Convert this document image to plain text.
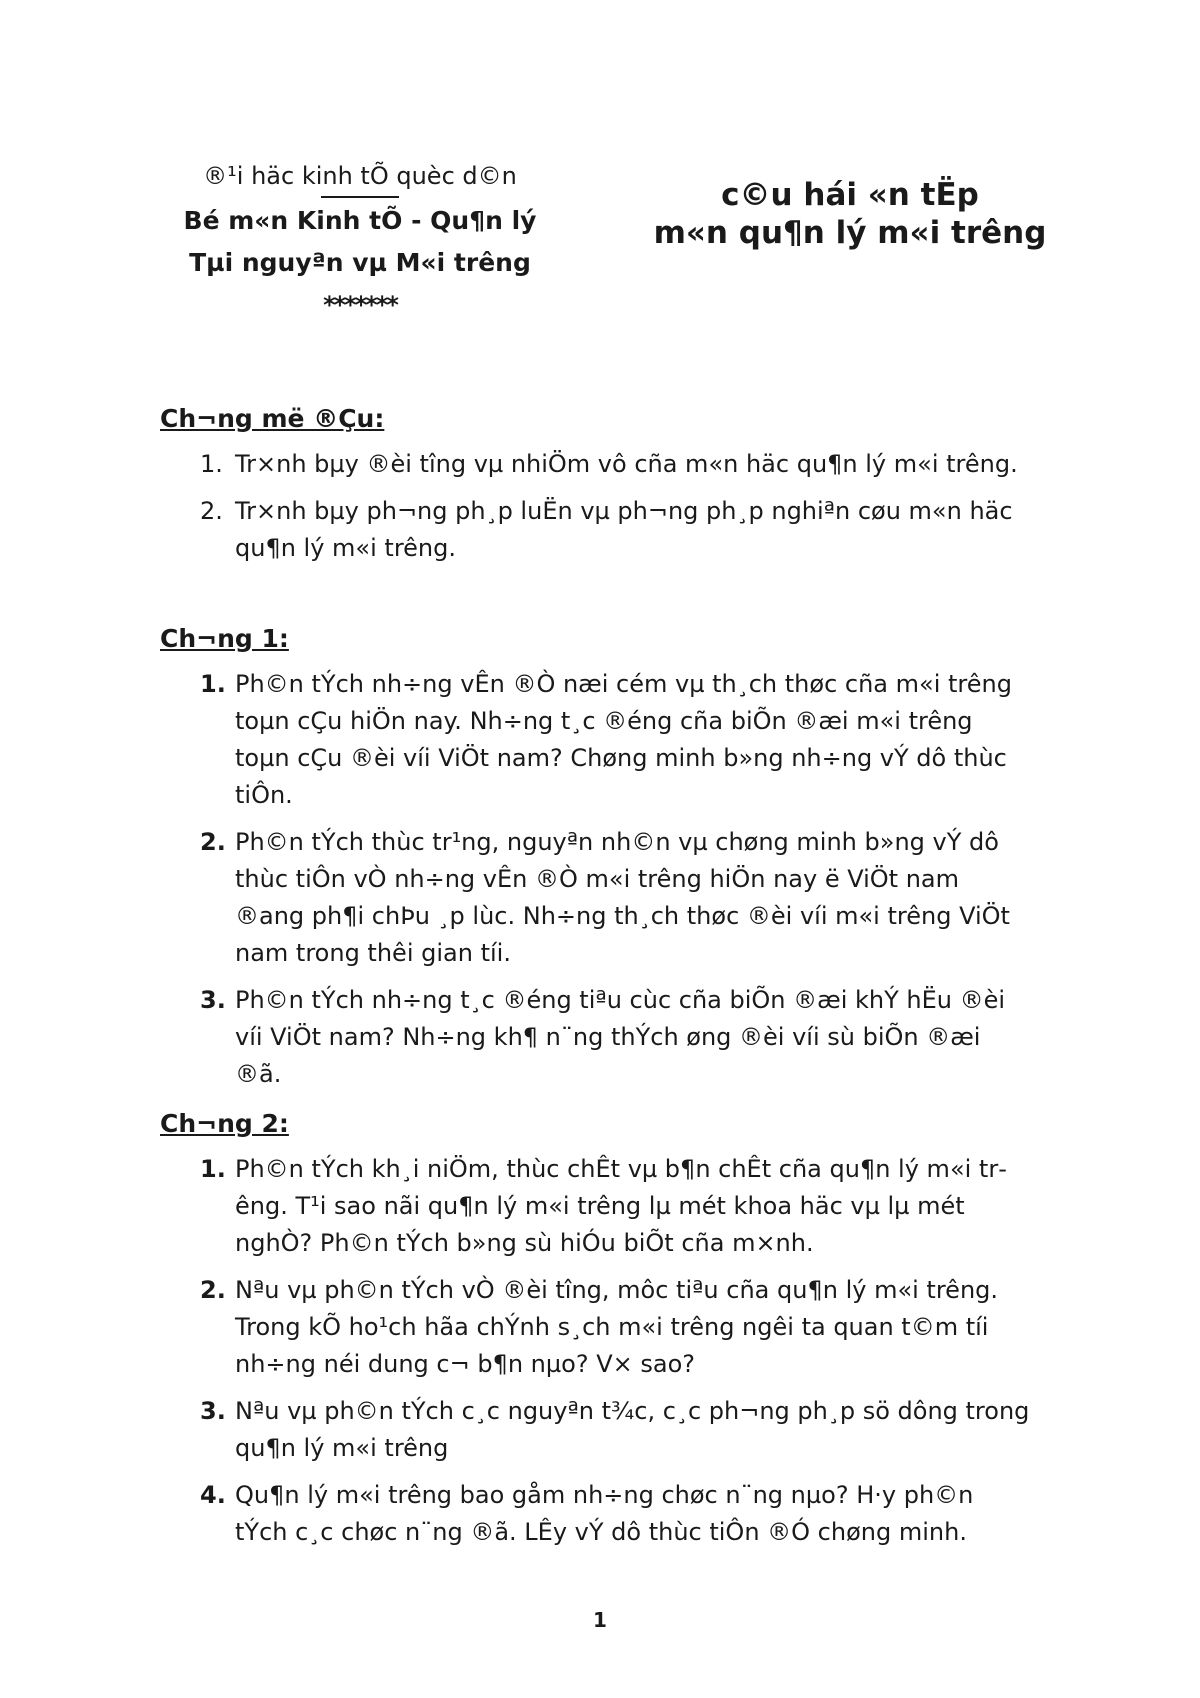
®¹i häc kinh tÕ quèc d©n

Bé m«n Kinh tÕ - Qu¶n lý

Tµi nguyªn vµ M«i trêng

*******

c©u hái «n tËp

m«n qu¶n lý m«i trêng

Ch¬ng më ®Çu:

1. Tr×nh bµy ®èi tîng vµ nhiÖm vô cña m«n häc qu¶n lý m«i trêng.
2. Tr×nh bµy ph¬ng ph¸p luËn vµ ph¬ng ph¸p nghiªn cøu m«n häc qu¶n lý m«i trêng.

Ch¬ng 1:

1. Ph©n tÝch nh÷ng vÊn ®Ò næi cém vµ th¸ch thøc cña m«i trêng toµn cÇu hiÖn nay. Nh÷ng t¸c ®éng cña biÕn ®æi m«i trêng toµn cÇu ®èi víi ViÖt nam? Chøng minh b»ng nh÷ng vÝ dô thùc tiÔn.
2. Ph©n tÝch thùc tr¹ng, nguyªn nh©n vµ chøng minh b»ng vÝ dô thùc tiÔn vÒ nh÷ng vÊn ®Ò m«i trêng hiÖn nay ë ViÖt nam ®ang ph¶i chÞu ¸p lùc. Nh÷ng th¸ch thøc ®èi víi m«i trêng ViÖt nam trong thêi gian tíi.
3. Ph©n tÝch nh÷ng t¸c ®éng tiªu cùc cña biÕn ®æi khÝ hËu ®èi víi ViÖt nam? Nh÷ng kh¶ n¨ng thÝch øng ®èi víi sù biÕn ®æi ®ã.

Ch¬ng 2:

1. Ph©n tÝch kh¸i niÖm, thùc chÊt vµ b¶n chÊt cña qu¶n lý m«i trêng. T¹i sao nãi qu¶n lý m«i trêng lµ mét khoa häc vµ lµ mét nghÒ? Ph©n tÝch b»ng sù hiÓu biÕt cña m×nh.
2. Nªu vµ ph©n tÝch vÒ ®èi tîng, môc tiªu cña qu¶n lý m«i trêng. Trong kÕ ho¹ch hãa chÝnh s¸ch m«i trêng ngêi ta quan t©m tíi nh÷ng néi dung c¬ b¶n nµo? V× sao?
3. Nªu vµ ph©n tÝch c¸c nguyªn t¾c, c¸c ph¬ng ph¸p sö dông trong qu¶n lý m«i trêng
4. Qu¶n lý m«i trêng bao gåm nh÷ng chøc n¨ng nµo? H·y ph©n tÝch c¸c chøc n¨ng ®ã. LÊy vÝ dô thùc tiÔn ®Ó chøng minh.
1
